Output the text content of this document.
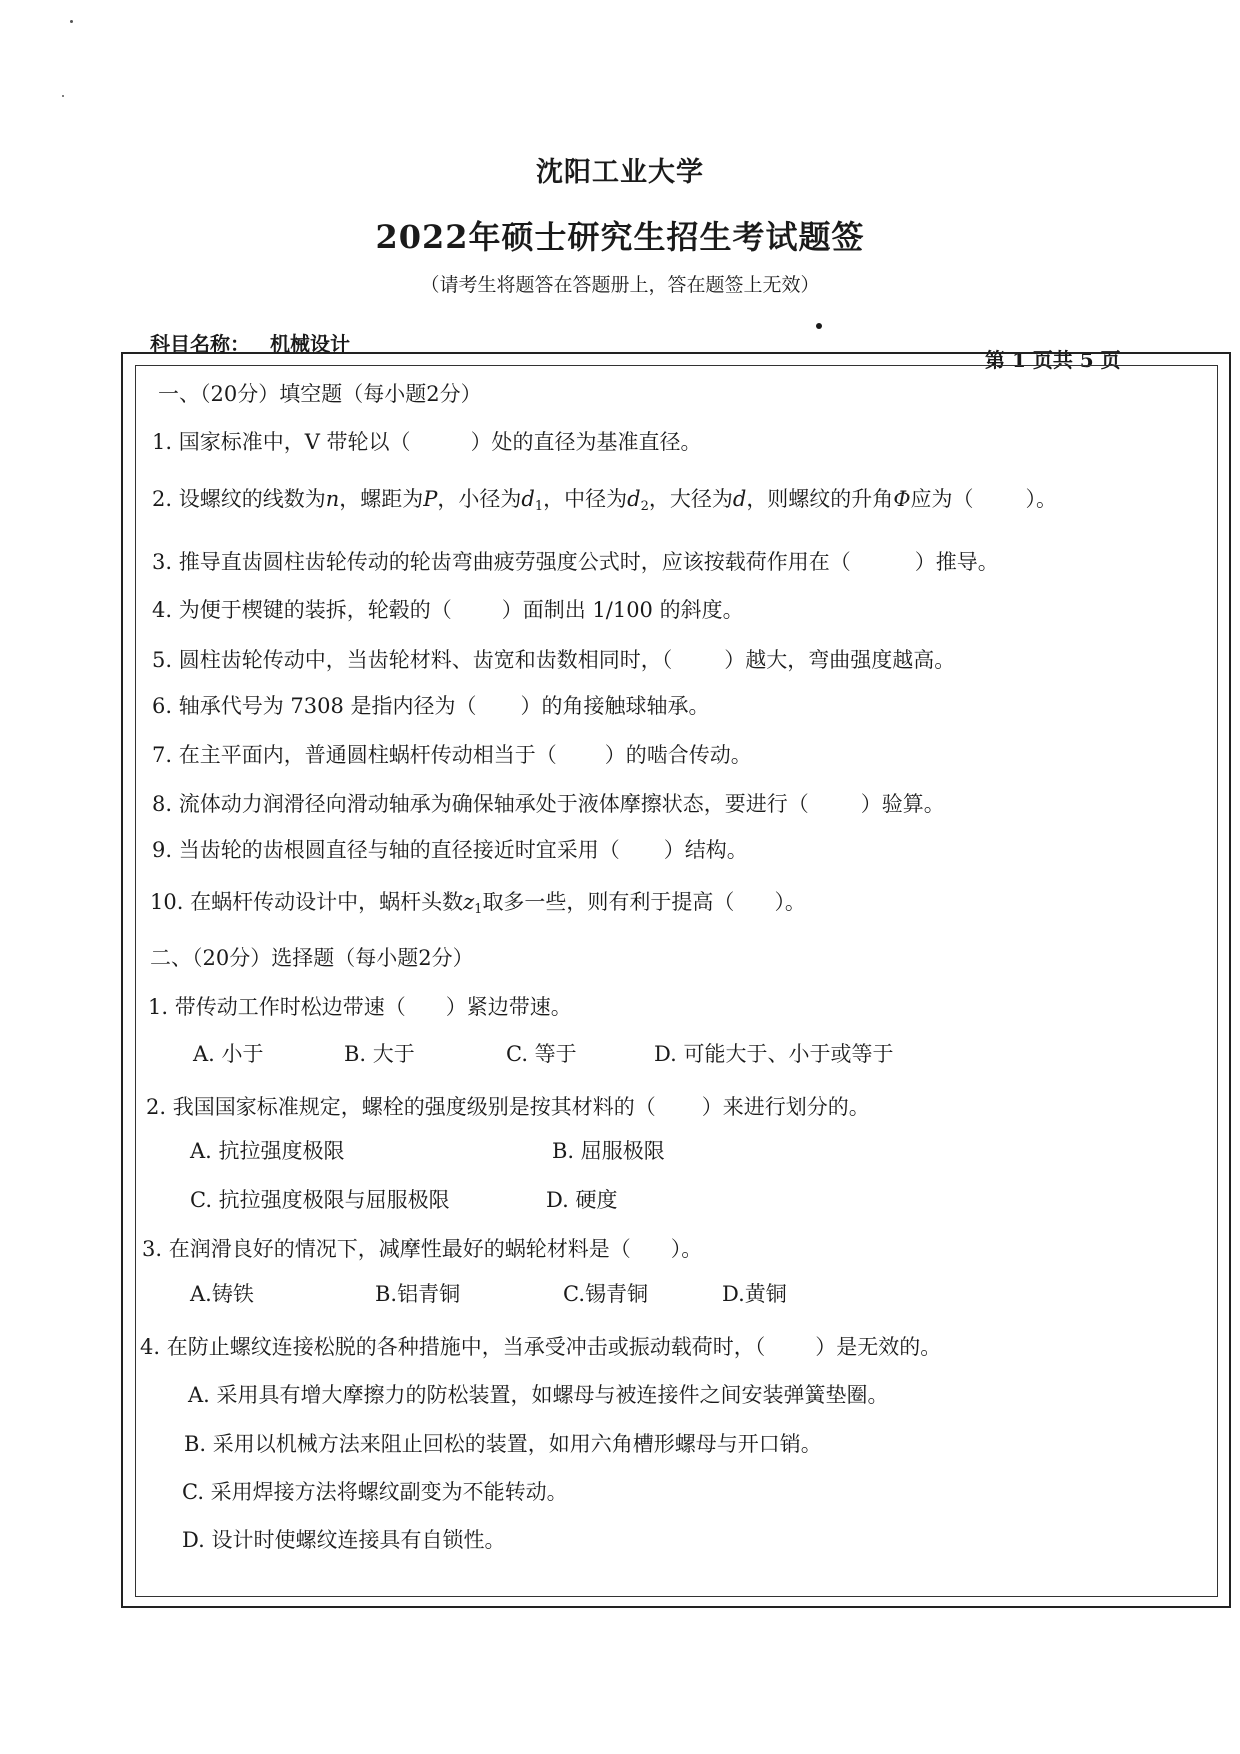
沈阳工业大学
2022年硕士研究生招生考试题签
（请考生将题答在答题册上，答在题签上无效）
科目名称： 机械设计
第 1 页共 5 页
一、（20分）填空题（每小题2分）
1. 国家标准中，V 带轮以（	）处的直径为基准直径。
2. 设螺纹的线数为n，螺距为P，小径为$d_1$，中径为$d_2$，大径为d，则螺纹的升角Φ应为（ ）。
3. 推导直齿圆柱齿轮传动的轮齿弯曲疲劳强度公式时，应该按载荷作用在（	）推导。
4. 为便于楔键的装拆，轮毂的（ ）面制出 1/100 的斜度。
5. 圆柱齿轮传动中，当齿轮材料、齿宽和齿数相同时，（ ）越大，弯曲强度越高。
6. 轴承代号为 7308 是指内径为（ ）的角接触球轴承。
7. 在主平面内，普通圆柱蜗杆传动相当于（ ）的啮合传动。
8. 流体动力润滑径向滑动轴承为确保轴承处于液体摩擦状态，要进行（ ）验算。
9. 当齿轮的齿根圆直径与轴的直径接近时宜采用（ ）结构。
10. 在蜗杆传动设计中，蜗杆头数$z_1$取多一些，则有利于提高（ ）。
二、（20分）选择题（每小题2分）
1. 带传动工作时松边带速（ ）紧边带速。
A. 小于	B. 大于	C. 等于	D. 可能大于、小于或等于
2. 我国国家标准规定，螺栓的强度级别是按其材料的（ ）来进行划分的。
A. 抗拉强度极限	B. 屈服极限
C. 抗拉强度极限与屈服极限	D. 硬度
3. 在润滑良好的情况下，减摩性最好的蜗轮材料是（ ）。
A.铸铁	B.铝青铜	C.锡青铜	D.黄铜
4. 在防止螺纹连接松脱的各种措施中，当承受冲击或振动载荷时，（ ）是无效的。
A. 采用具有增大摩擦力的防松装置，如螺母与被连接件之间安装弹簧垫圈。
B. 采用以机械方法来阻止回松的装置，如用六角槽形螺母与开口销。
C. 采用焊接方法将螺纹副变为不能转动。
D. 设计时使螺纹连接具有自锁性。
